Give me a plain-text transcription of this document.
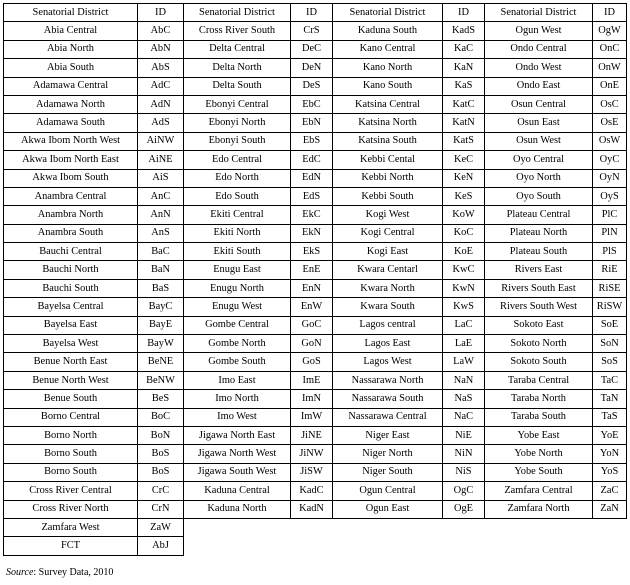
Senatorial District	ID	Senatorial District	ID	Senatorial District	ID	Senatorial District	ID
Abia Central	AbC	Cross River South	CrS	Kaduna South	KadS	Ogun West	OgW
Abia North	AbN	Delta Central	DeC	Kano Central	KaC	Ondo Central	OnC
Abia South	AbS	Delta North	DeN	Kano North	KaN	Ondo West	OnW
Adamawa Central	AdC	Delta South	DeS	Kano South	KaS	Ondo East	OnE
Adamawa North	AdN	Ebonyi Central	EbC	Katsina Central	KatC	Osun Central	OsC
Adamawa South	AdS	Ebonyi North	EbN	Katsina North	KatN	Osun East	OsE
Akwa Ibom North West	AiNW	Ebonyi South	EbS	Katsina South	KatS	Osun West	OsW
Akwa Ibom North East	AiNE	Edo Central	EdC	Kebbi Cental	KeC	Oyo Central	OyC
Akwa Ibom South	AiS	Edo North	EdN	Kebbi North	KeN	Oyo North	OyN
Anambra Central	AnC	Edo South	EdS	Kebbi South	KeS	Oyo South	OyS
Anambra North	AnN	Ekiti Central	EkC	Kogi West	KoW	Plateau Central	PlC
Anambra South	AnS	Ekiti North	EkN	Kogi Central	KoC	Plateau North	PlN
Bauchi Central	BaC	Ekiti South	EkS	Kogi East	KoE	Plateau South	PlS
Bauchi North	BaN	Enugu East	EnE	Kwara Centarl	KwC	Rivers East	RiE
Bauchi South	BaS	Enugu North	EnN	Kwara North	KwN	Rivers South East	RiSE
Bayelsa Central	BayC	Enugu West	EnW	Kwara South	KwS	Rivers South West	RiSW
Bayelsa East	BayE	Gombe Central	GoC	Lagos central	LaC	Sokoto East	SoE
Bayelsa West	BayW	Gombe North	GoN	Lagos East	LaE	Sokoto North	SoN
Benue North East	BeNE	Gombe South	GoS	Lagos West	LaW	Sokoto South	SoS
Benue North West	BeNW	Imo East	ImE	Nassarawa North	NaN	Taraba Central	TaC
Benue South	BeS	Imo North	ImN	Nassarawa South	NaS	Taraba North	TaN
Borno Central	BoC	Imo West	ImW	Nassarawa Central	NaC	Taraba South	TaS
Borno North	BoN	Jigawa North East	JiNE	Niger East	NiE	Yobe East	YoE
Borno South	BoS	Jigawa North West	JiNW	Niger North	NiN	Yobe North	YoN
Borno South	BoS	Jigawa South West	JiSW	Niger South	NiS	Yobe South	YoS
Cross River Central	CrC	Kaduna Central	KadC	Ogun Central	OgC	Zamfara Central	ZaC
Cross River North	CrN	Kaduna North	KadN	Ogun East	OgE	Zamfara North	ZaN
Zamfara West	ZaW						
FCT	AbJ						
Source: Survey Data, 2010
